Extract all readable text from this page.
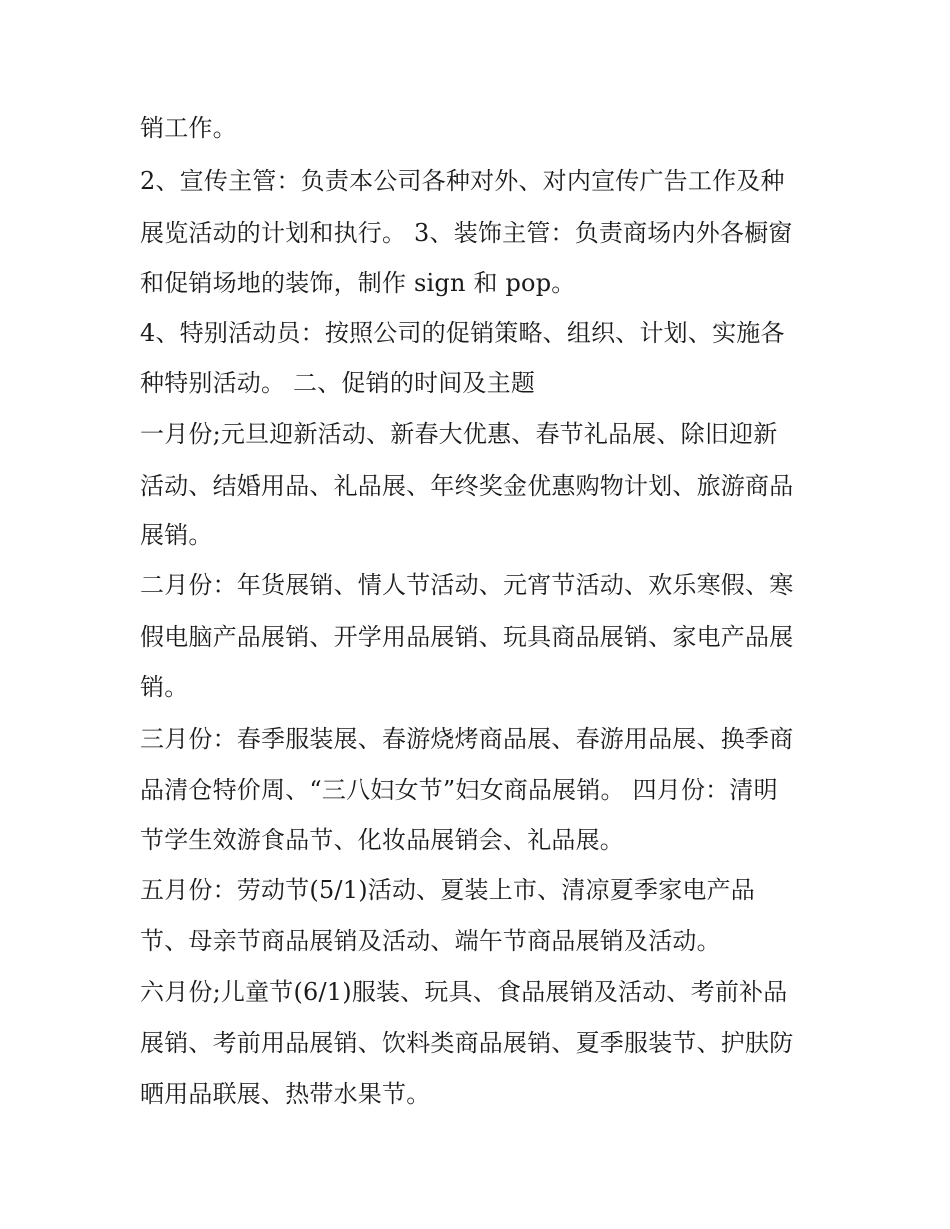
销工作。
2、宣传主管：负责本公司各种对外、对内宣传广告工作及种
展览活动的计划和执行。 3、装饰主管：负责商场内外各橱窗
和促销场地的装饰，制作 sign 和 pop。
4、特别活动员：按照公司的促销策略、组织、计划、实施各
种特别活动。 二、促销的时间及主题
一月份;元旦迎新活动、新春大优惠、春节礼品展、除旧迎新
活动、结婚用品、礼品展、年终奖金优惠购物计划、旅游商品
展销。
二月份：年货展销、情人节活动、元宵节活动、欢乐寒假、寒
假电脑产品展销、开学用品展销、玩具商品展销、家电产品展
销。
三月份：春季服装展、春游烧烤商品展、春游用品展、换季商
品清仓特价周、“三八妇女节”妇女商品展销。 四月份：清明
节学生效游食品节、化妆品展销会、礼品展。
五月份：劳动节(5/1)活动、夏装上市、清凉夏季家电产品
节、母亲节商品展销及活动、端午节商品展销及活动。
六月份;儿童节(6/1)服装、玩具、食品展销及活动、考前补品
展销、考前用品展销、饮料类商品展销、夏季服装节、护肤防
晒用品联展、热带水果节。
